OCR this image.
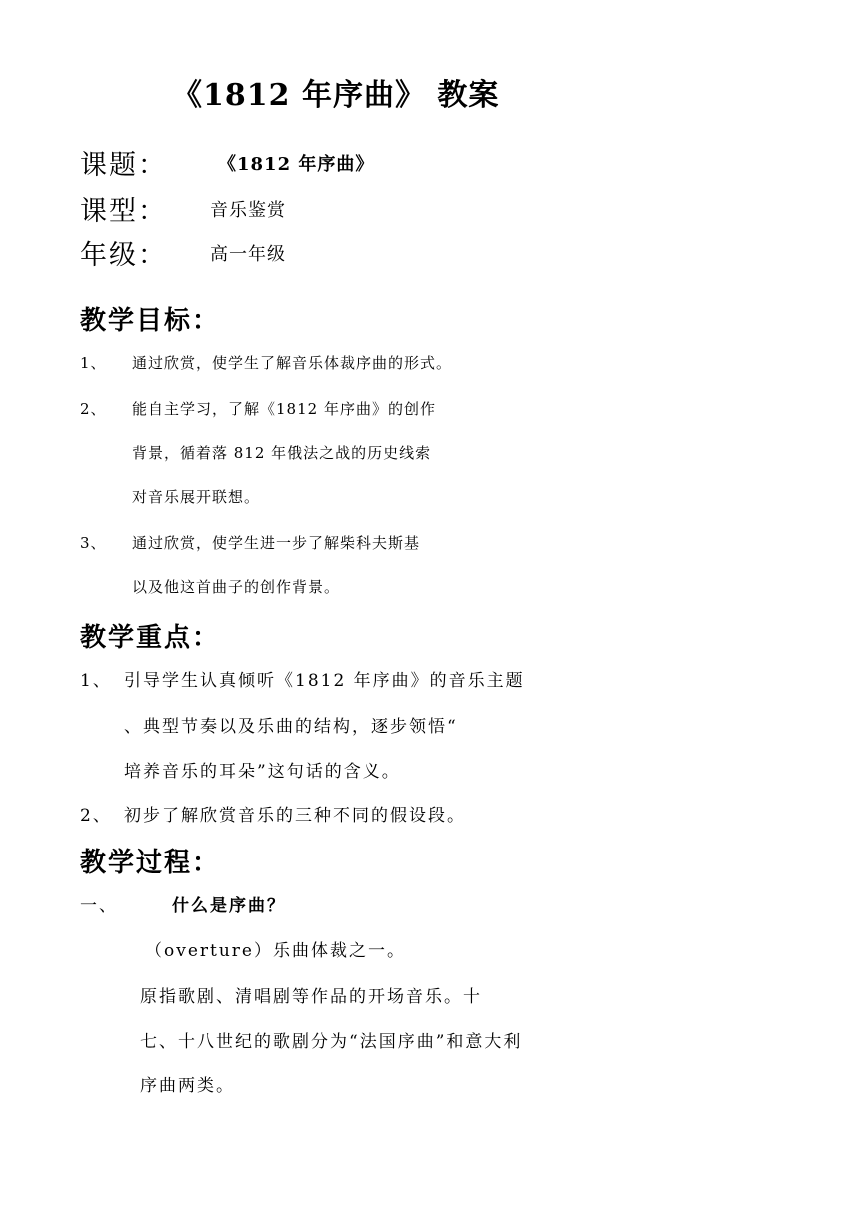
《1812 年序曲》 教案
课题：	《1812 年序曲》
课型： 音乐鉴赏
年级： 高一年级
教学目标：
1、 通过欣赏，使学生了解音乐体裁序曲的形式。
2、 能自主学习，了解《1812 年序曲》的创作
背景，循着落 812 年俄法之战的历史线索
对音乐展开联想。
3、 通过欣赏，使学生进一步了解柴科夫斯基
以及他这首曲子的创作背景。
教学重点：
1、 引导学生认真倾听《1812 年序曲》的音乐主题
、典型节奏以及乐曲的结构，逐步领悟“
培养音乐的耳朵”这句话的含义。
2、 初步了解欣赏音乐的三种不同的假设段。
教学过程：
一、	什么是序曲？
（overture）乐曲体裁之一。
原指歌剧、清唱剧等作品的开场音乐。十
七、十八世纪的歌剧分为“法国序曲”和意大利
序曲两类。
